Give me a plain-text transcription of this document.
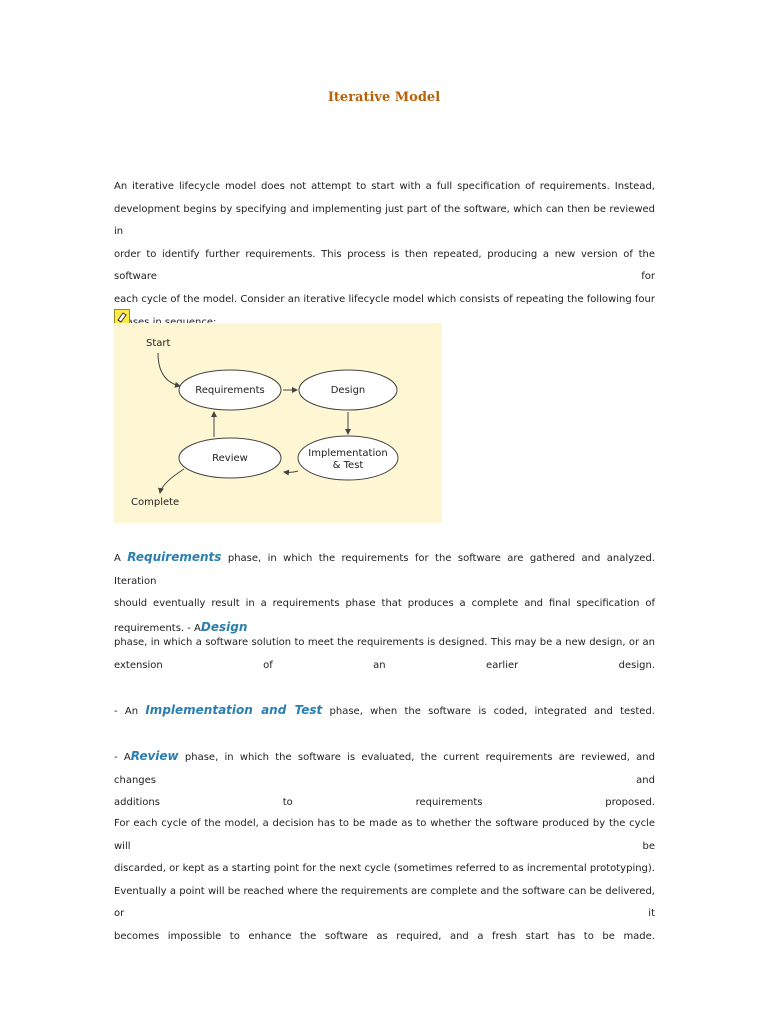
Iterative Model
An iterative lifecycle model does not attempt to start with a full specification of requirements. Instead,
development begins by specifying and implementing just part of the software, which can then be reviewed in
order to identify further requirements. This process is then repeated, producing a new version of the software for
each cycle of the model. Consider an iterative lifecycle model which consists of repeating the following four
Start
Requirements	Design
Review	Implementation
& Test
Complete
A Requirements phase, in which the requirements for the software are gathered and analyzed. Iteration
should eventually result in a requirements phase that produces a complete and final specification of
requirements. - ADesign
phase, in which a software solution to meet the requirements is designed. This may be a new design, or an
extension of an earlier design.
- An Implementation and Test phase, when the software is coded, integrated and tested.
- AReview phase, in which the software is evaluated, the current requirements are reviewed, and changes and
additions to requirements proposed.
For each cycle of the model, a decision has to be made as to whether the software produced by the cycle will be
discarded, or kept as a starting point for the next cycle (sometimes referred to as incremental prototyping).
Eventually a point will be reached where the requirements are complete and the software can be delivered, or it
becomes impossible to enhance the software as required, and a fresh start has to be made.
